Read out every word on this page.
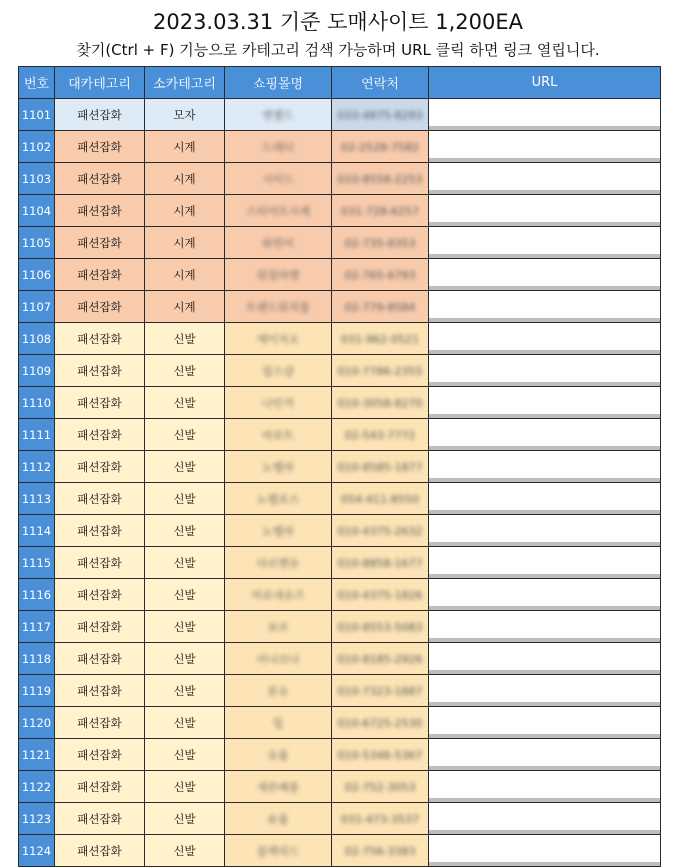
2023.03.31 기준 도매사이트 1,200EA
찾기(Ctrl + F) 기능으로 카테고리 검색 가능하며 URL 클릭 하면 링크 열립니다.
번호	대카테고리	소카테고리	쇼핑몰명	연락처	URL
1101	패션잡화	모자	엔젤드	010-4875-8293	
1102	패션잡화	시계	드레디	02-2528-7582	
1103	패션잡화	시계	시이드	010-8558-2253	
1104	패션잡화	시계	스티어트시계	031-728-6257	
1105	패션잡화	시계	와헌이	02-735-8353	
1106	패션잡화	시계	워칭마켓	02-765-6793	
1107	패션잡화	시계	트렌드워치몰	02-779-8584	
1108	패션잡화	신발	에이치오	031-962-0521	
1109	패션잡화	신발	럽스샵	010-7786-2355	
1110	패션잡화	신발	나인커	010-3058-8270	
1111	패션잡화	신발	마보트	02-543-7772	
1112	패션잡화	신발	노벨라	010-8585-1877	
1113	패션잡화	신발	노벨로스	054-411-8550	
1114	패션잡화	신발	노벨라	010-4375-2632	
1115	패션잡화	신발	다르멘슈	010-8858-1677	
1116	패션잡화	신발	미로네슈즈	010-4375-1826	
1117	패션잡화	신발	보브	010-8553-5083	
1118	패션잡화	신발	미나끄나	010-8185-2926	
1119	패션잡화	신발	문슈	010-7323-1887	
1120	패션잡화	신발	밀	010-6725-2530	
1121	패션잡화	신발	슈룸	010-5346-5367	
1122	패션잡화	신발	세븐베롱	02-752-3053	
1123	패션잡화	신발	유룸	031-473-3537	
1124	패션잡화	신발	블랙리드	02-756-3383	
